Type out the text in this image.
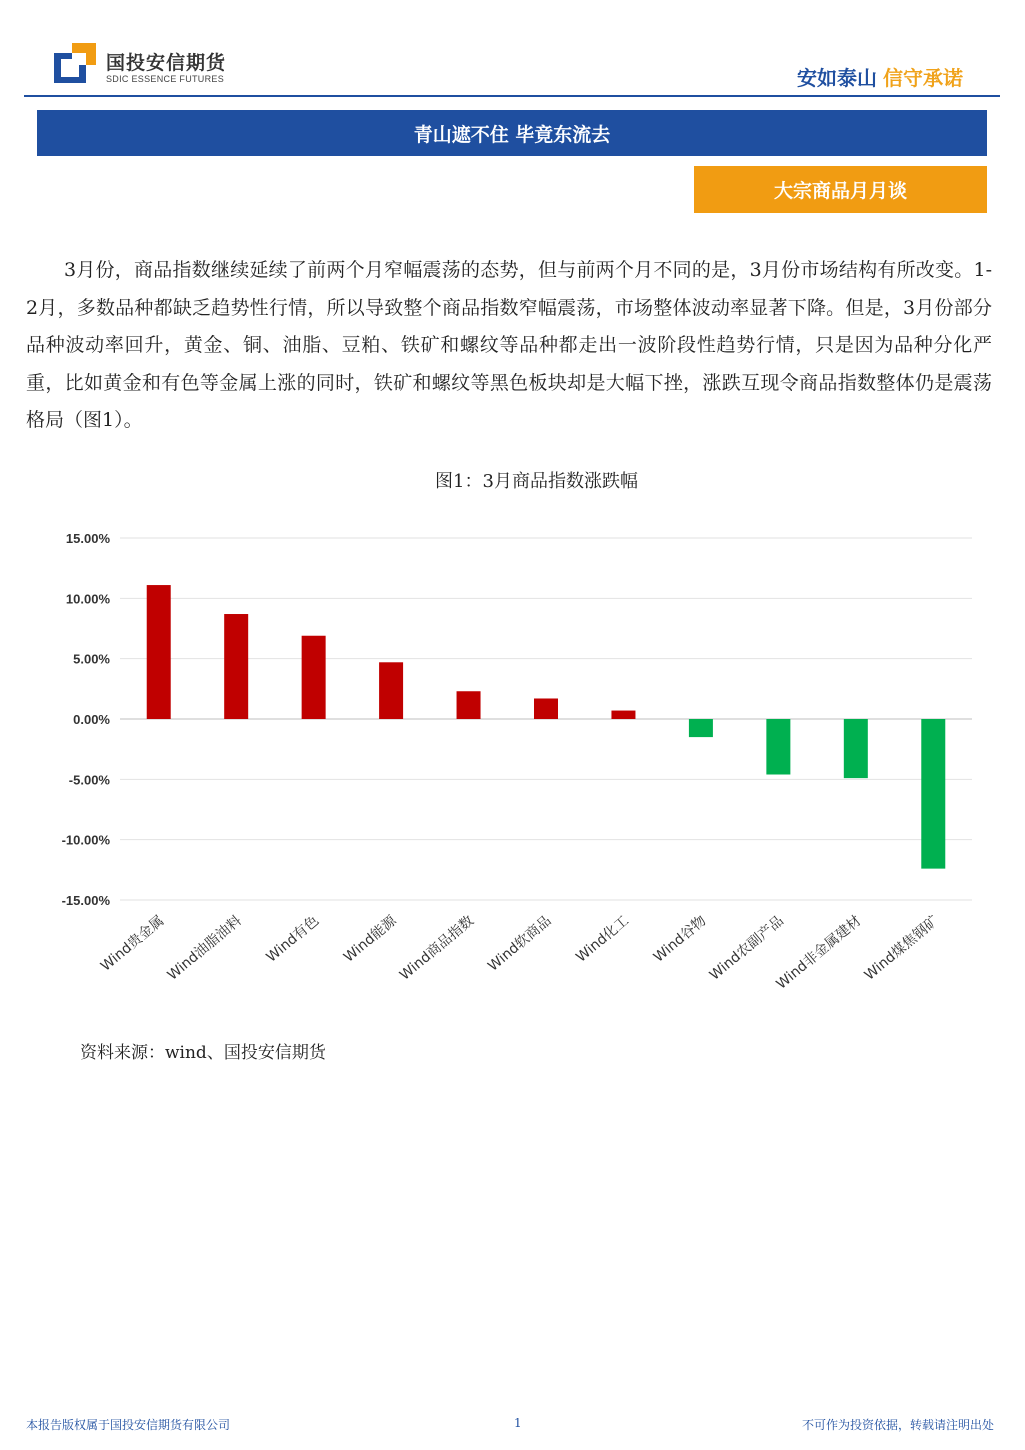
国投安信期货
SDIC ESSENCE FUTURES	安如泰山 信守承诺
青山遮不住 毕竟东流去
大宗商品月月谈

3月份，商品指数继续延续了前两个月窄幅震荡的态势，但与前两个月不同的是，3月份市场结构有所改变。1-2月，多数品种都缺乏趋势性行情，所以导致整个商品指数窄幅震荡，市场整体波动率显著下降。但是，3月份部分品种波动率回升，黄金、铜、油脂、豆粕、铁矿和螺纹等品种都走出一波阶段性趋势行情，只是因为品种分化严重，比如黄金和有色等金属上涨的同时，铁矿和螺纹等黑色板块却是大幅下挫，涨跌互现令商品指数整体仍是震荡格局（图1）。

图1：3月商品指数涨跌幅
15.00%
10.00%
5.00%
0.00%
-5.00%
-10.00%
-15.00%
Wind贵金属
Wind油脂油料 Wind有色 Wind能源
Wind商品指数 Wind软商品 Wind化工 Wind谷物
Wind农副产品
Wind非金属建材
Wind煤焦钢矿
资料来源：wind、国投安信期货
本报告版权属于国投安信期货有限公司	1	不可作为投资依据，转载请注明出处
